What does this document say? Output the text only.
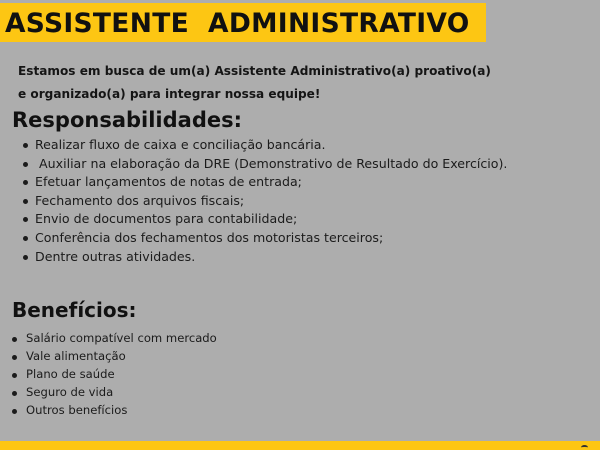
ASSISTENTE  ADMINISTRATIVO
Estamos em busca de um(a) Assistente Administrativo(a) proativo(a)
e organizado(a) para integrar nossa equipe!
Responsabilidades:
Realizar fluxo de caixa e conciliação bancária.
Auxiliar na elaboração da DRE (Demonstrativo de Resultado do Exercício).
Efetuar lançamentos de notas de entrada;
Fechamento dos arquivos fiscais;
Envio de documentos para contabilidade;
Conferência dos fechamentos dos motoristas terceiros;
Dentre outras atividades.
Benefícios:
Salário compatível com mercado
Vale alimentação
Plano de saúde
Seguro de vida
Outros benefícios
